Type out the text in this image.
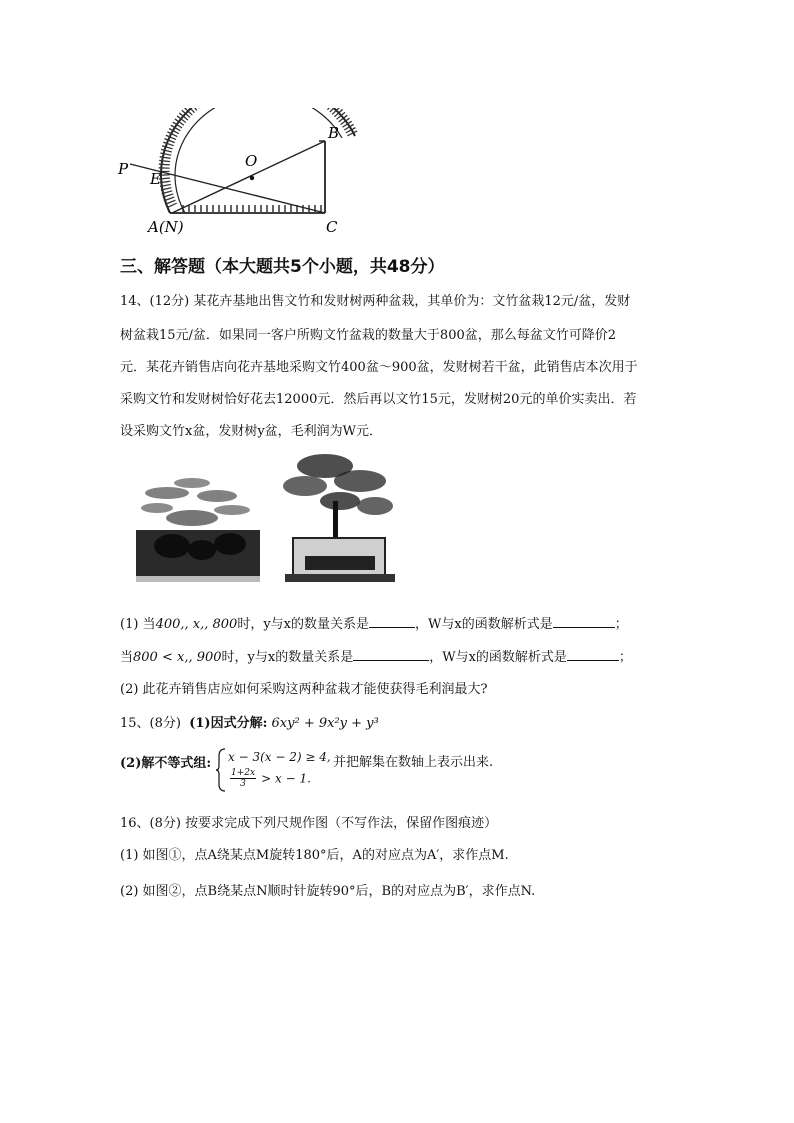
P
E
O
B
A(N)	C
三、解答题（本大题共5个小题，共48分）
14、(12分) 某花卉基地出售文竹和发财树两种盆栽，其单价为：文竹盆栽12元/盆，发财
树盆栽15元/盆．如果同一客户所购文竹盆栽的数量大于800盆，那么每盆文竹可降价2
元．某花卉销售店向花卉基地采购文竹400盆～900盆，发财树若干盆，此销售店本次用于
采购文竹和发财树恰好花去12000元．然后再以文竹15元，发财树20元的单价实卖出．若
设采购文竹x盆，发财树y盆，毛利润为W元．
(1) 当400,, x,, 800时，y与x的数量关系是	，W与x的函数解析式是	；
当800 < x,, 900时，y与x的数量关系是	，W与x的函数解析式是	；
(2) 此花卉销售店应如何采购这两种盆栽才能使获得毛利润最大?
15、(8分) (1)因式分解: 6xy² + 9x²y + y³
(2)解不等式组: x − 3(x − 2) ≥ 4, 并把解集在数轴上表示出来.
$\frac{1+2x}{3} > x - 1$.
16、(8分) 按要求完成下列尺规作图（不写作法，保留作图痕迹）
(1) 如图①，点A绕某点M旋转180°后，A的对应点为A′，求作点M.
(2) 如图②，点B绕某点N顺时针旋转90°后，B的对应点为B′，求作点N.
